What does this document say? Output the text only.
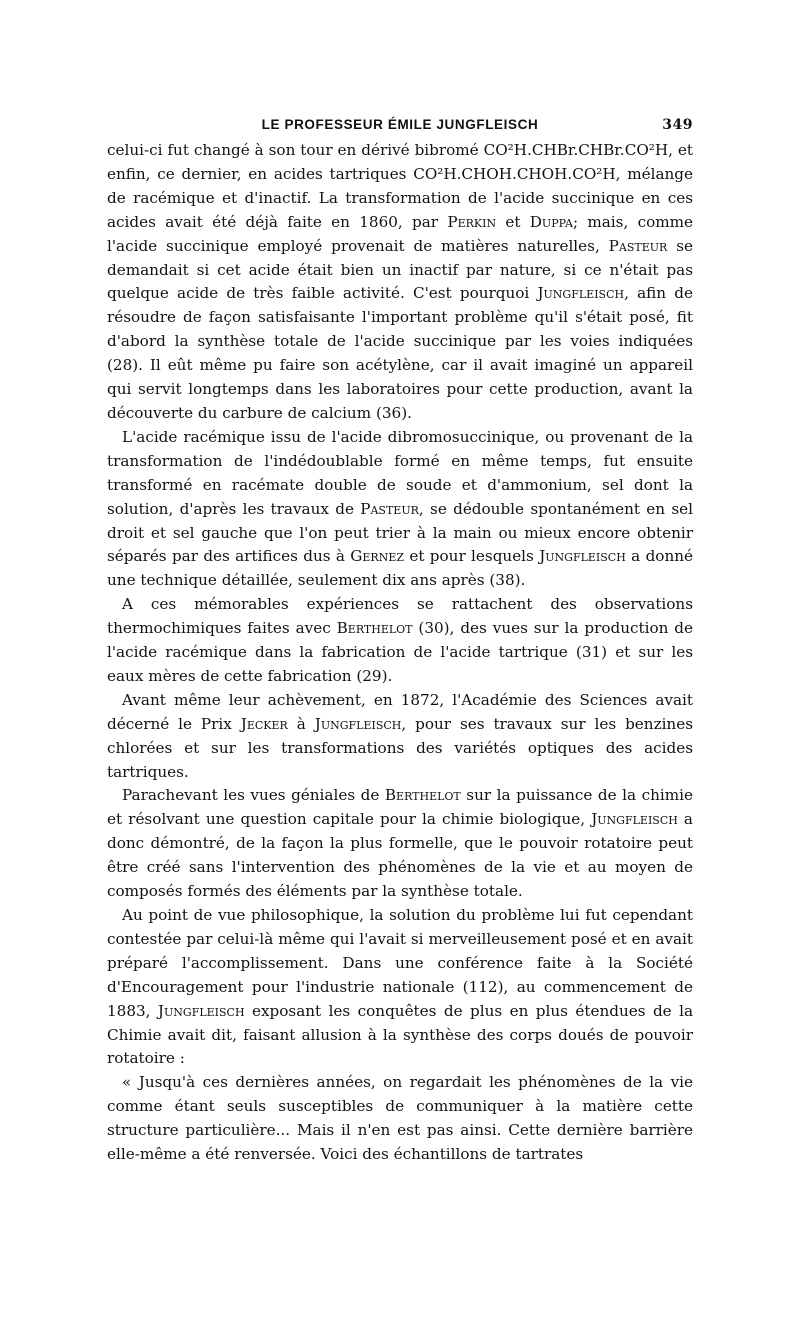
LE PROFESSEUR ÉMILE JUNGFLEISCH	349

celui-ci fut changé à son tour en dérivé bibromé CO²H.CHBr.CHBr.CO²H, et enfin, ce dernier, en acides tartriques CO²H.CHOH.CHOH.CO²H, mélange de racémique et d'inactif. La transformation de l'acide succinique en ces acides avait été déjà faite en 1860, par Perkin et Duppa; mais, comme l'acide succinique employé provenait de matières naturelles, Pasteur se demandait si cet acide était bien un inactif par nature, si ce n'était pas quelque acide de très faible activité. C'est pourquoi Jungfleisch, afin de résoudre de façon satisfaisante l'important problème qu'il s'était posé, fit d'abord la synthèse totale de l'acide succinique par les voies indiquées (28). Il eût même pu faire son acétylène, car il avait imaginé un appareil qui servit longtemps dans les laboratoires pour cette production, avant la découverte du carbure de calcium (36).

L'acide racémique issu de l'acide dibromosuccinique, ou provenant de la transformation de l'indédoublable formé en même temps, fut ensuite transformé en racémate double de soude et d'ammonium, sel dont la solution, d'après les travaux de Pasteur, se dédouble spontanément en sel droit et sel gauche que l'on peut trier à la main ou mieux encore obtenir séparés par des artifices dus à Gernez et pour lesquels Jungfleisch a donné une technique détaillée, seulement dix ans après (38).

A ces mémorables expériences se rattachent des observations thermochimiques faites avec Berthelot (30), des vues sur la production de l'acide racémique dans la fabrication de l'acide tartrique (31) et sur les eaux mères de cette fabrication (29).

Avant même leur achèvement, en 1872, l'Académie des Sciences avait décerné le Prix Jecker à Jungfleisch, pour ses travaux sur les benzines chlorées et sur les transformations des variétés optiques des acides tartriques.

Parachevant les vues géniales de Berthelot sur la puissance de la chimie et résolvant une question capitale pour la chimie biologique, Jungfleisch a donc démontré, de la façon la plus formelle, que le pouvoir rotatoire peut être créé sans l'intervention des phénomènes de la vie et au moyen de composés formés des éléments par la synthèse totale.

Au point de vue philosophique, la solution du problème lui fut cependant contestée par celui-là même qui l'avait si merveilleusement posé et en avait préparé l'accomplissement. Dans une conférence faite à la Société d'Encouragement pour l'industrie nationale (112), au commencement de 1883, Jungfleisch exposant les conquêtes de plus en plus étendues de la Chimie avait dit, faisant allusion à la synthèse des corps doués de pouvoir rotatoire :

« Jusqu'à ces dernières années, on regardait les phénomènes de la vie comme étant seuls susceptibles de communiquer à la matière cette structure particulière... Mais il n'en est pas ainsi. Cette dernière barrière elle-même a été renversée. Voici des échantillons de tartrates
